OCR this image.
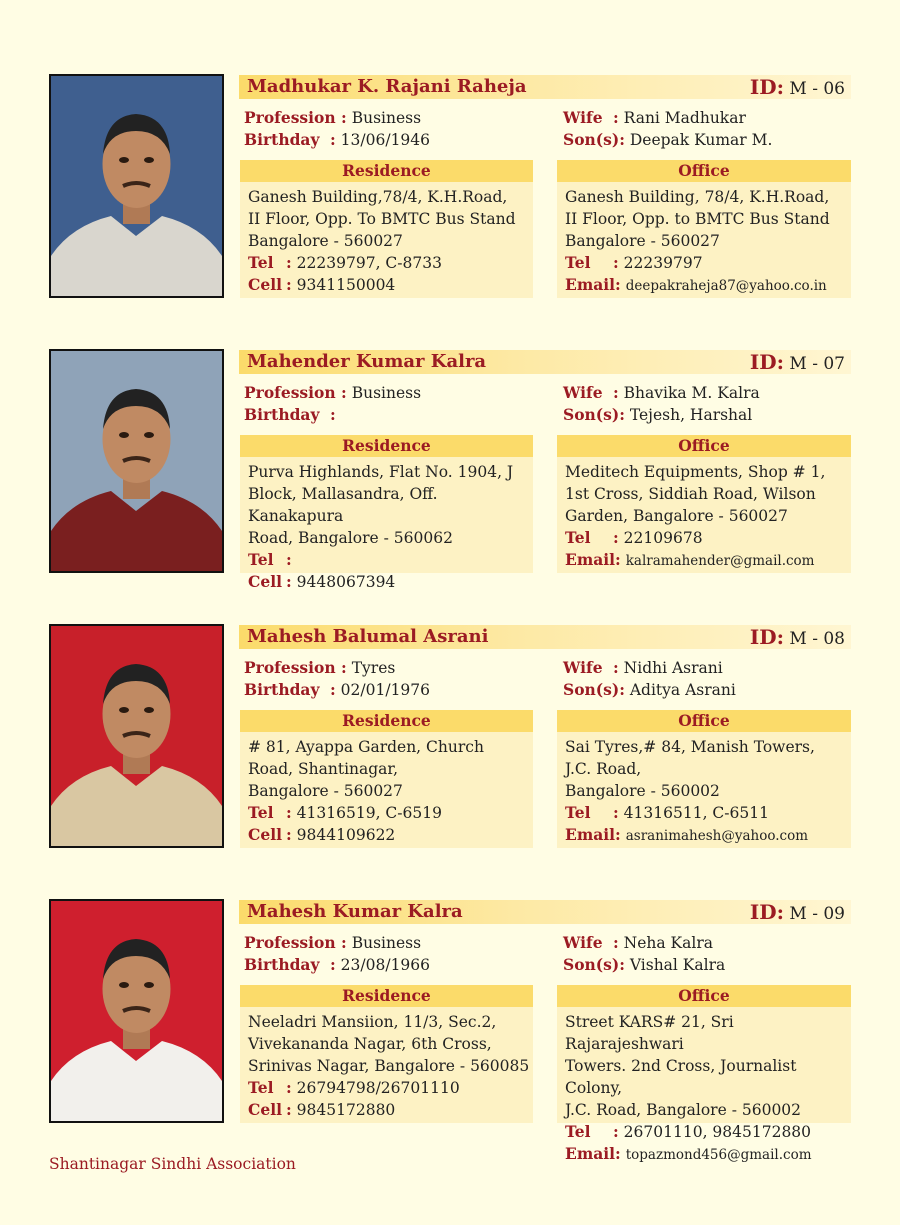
Madhukar K. Rajani Raheja	ID: M - 06
Profession : Business
Birthday : 13/06/1946
Wife : Rani Madhukar
Son(s): Deepak Kumar M.
Residence
Ganesh Building,78/4, K.H.Road,
II Floor, Opp. To BMTC Bus Stand
Bangalore - 560027
Tel : 22239797, C-8733
Cell : 9341150004
Office
Ganesh Building, 78/4, K.H.Road,
II Floor, Opp. to BMTC Bus Stand
Bangalore - 560027
Tel : 22239797
Email: deepakraheja87@yahoo.co.in
Mahender Kumar Kalra	ID: M - 07
Profession : Business
Birthday :
Wife : Bhavika M. Kalra
Son(s): Tejesh, Harshal
Residence
Purva Highlands, Flat No. 1904, J
Block, Mallasandra, Off. Kanakapura
Road, Bangalore - 560062
Tel :
Cell : 9448067394
Office
Meditech Equipments, Shop # 1,
1st Cross, Siddiah Road, Wilson
Garden, Bangalore - 560027
Tel : 22109678
Email: kalramahender@gmail.com
Mahesh Balumal Asrani	ID: M - 08
Profession : Tyres
Birthday : 02/01/1976
Wife : Nidhi Asrani
Son(s): Aditya Asrani
Residence
# 81, Ayappa Garden, Church
Road, Shantinagar,
Bangalore - 560027
Tel : 41316519, C-6519
Cell : 9844109622
Office
Sai Tyres,# 84, Manish Towers,
J.C. Road,
Bangalore - 560002
Tel : 41316511, C-6511
Email: asranimahesh@yahoo.com
Mahesh Kumar Kalra	ID: M - 09
Profession : Business
Birthday : 23/08/1966
Wife : Neha Kalra
Son(s): Vishal Kalra
Residence
Neeladri Mansiion, 11/3, Sec.2,
Vivekananda Nagar, 6th Cross,
Srinivas Nagar, Bangalore - 560085
Tel : 26794798/26701110
Cell : 9845172880
Office
Street KARS# 21, Sri Rajarajeshwari
Towers. 2nd Cross, Journalist Colony,
J.C. Road, Bangalore - 560002
Tel : 26701110, 9845172880
Email: topazmond456@gmail.com
Shantinagar Sindhi Association
